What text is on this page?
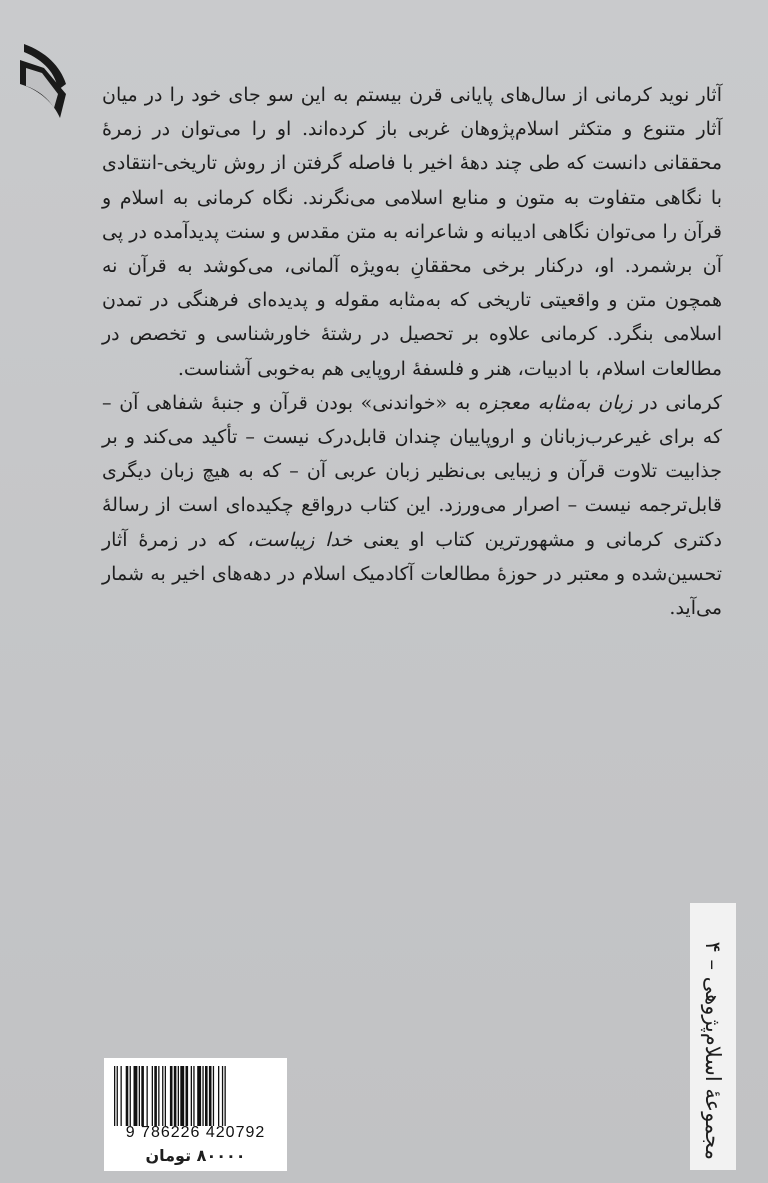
آثار نوید کرمانی از سال‌های پایانی قرن بیستم به این سو جای خود را در میان آثار متنوع و متکثر اسلام‌پژوهان غربی باز کرده‌اند. او را می‌توان در زمرهٔ محققانی دانست که طی چند دههٔ اخیر با فاصله گرفتن از روش تاریخی-انتقادی با نگاهی متفاوت به متون و منابع اسلامی می‌نگرند. نگاه کرمانی به اسلام و قرآن را می‌توان نگاهی ادیبانه و شاعرانه به متن مقدس و سنت پدیدآمده در پی آن برشمرد. او، درکنار برخی محققانِ به‌ویژه آلمانی، می‌کوشد به قرآن نه همچون متن و واقعیتی تاریخی که به‌مثابه مقوله و پدیده‌ای فرهنگی در تمدن اسلامی بنگرد. کرمانی علاوه بر تحصیل در رشتهٔ خاورشناسی و تخصص در مطالعات اسلام، با ادبیات، هنر و فلسفهٔ اروپایی هم به‌خوبی آشناست.

کرمانی در زبان به‌مثابه معجزه به «خواندنی» بودن قرآن و جنبهٔ شفاهی آن – که برای غیرعرب‌زبانان و اروپاییان چندان قابل‌درک نیست – تأکید می‌کند و بر جذابیت تلاوت قرآن و زیبایی بی‌نظیر زبان عربی آن – که به هیچ زبان دیگری قابل‌ترجمه نیست – اصرار می‌ورزد. این کتاب درواقع چکیده‌ای است از رسالهٔ دکتری کرمانی و مشهورترین کتاب او یعنی خدا زیباست، که در زمرهٔ آثار تحسین‌شده و معتبر در حوزهٔ مطالعات آکادمیک اسلام در دهه‌های اخیر به شمار می‌آید.

مجموعهٔ اسلام‌پژوهی – ۴
9 786226 420792
۸۰۰۰۰ تومان
